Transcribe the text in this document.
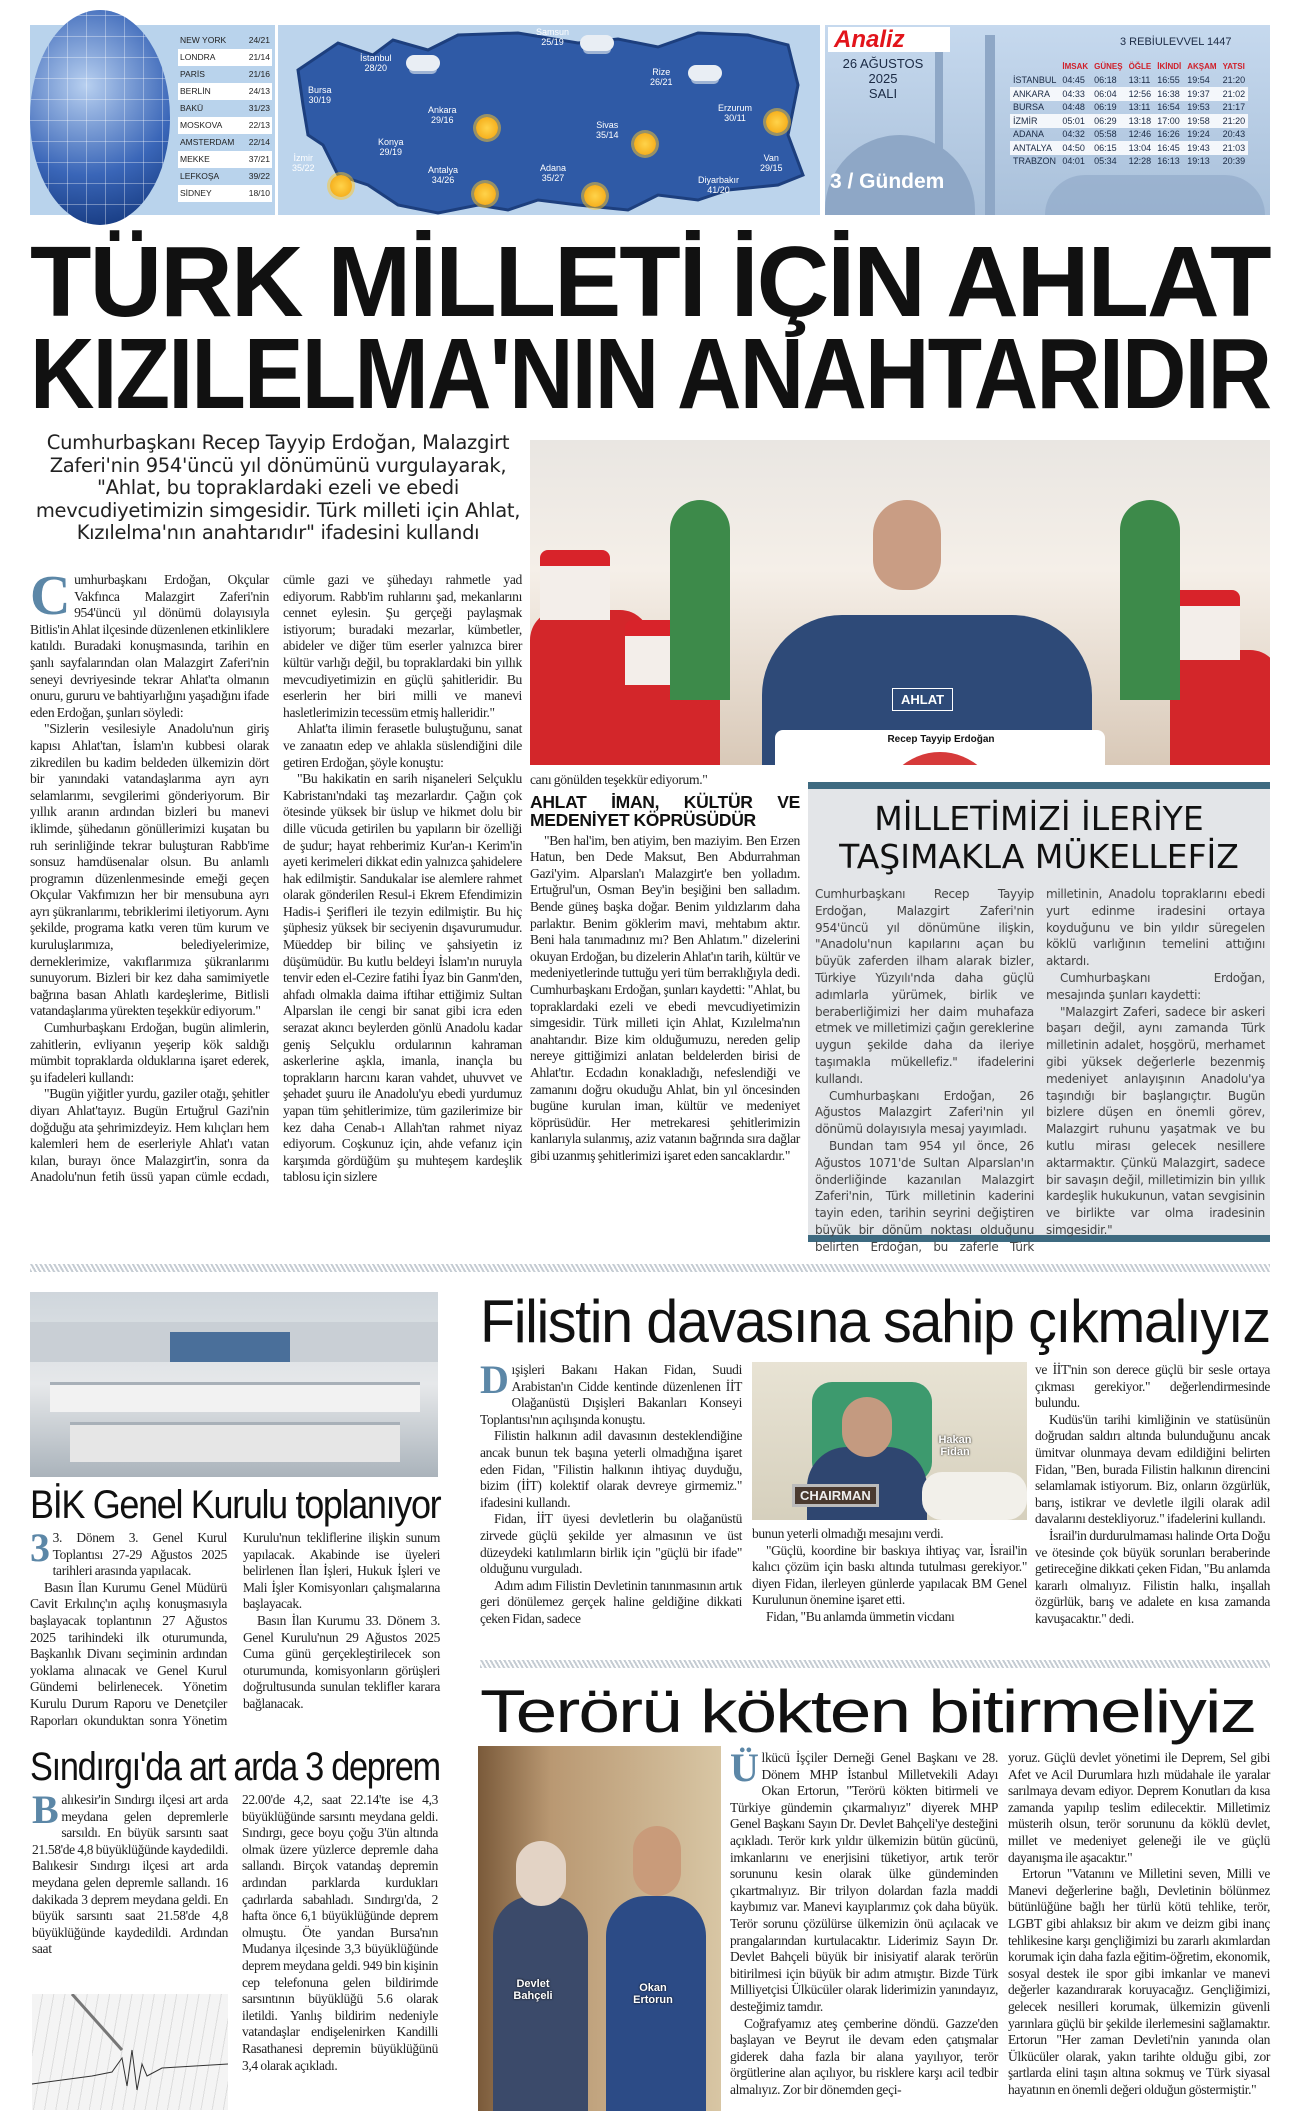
NEW YORK	24/21
LONDRA	21/14
PARİS	21/16
BERLİN	24/13
BAKÜ	31/23
MOSKOVA	22/13
AMSTERDAM 22/14
MEKKE	37/21
LEFKOŞA	39/22
SİDNEY	18/10
Samsun
25/19
İstanbul
28/20
Bursa
30/19
Rize
26/21
Ankara
29/16
Konya
29/19
Sivas
35/14
Erzurum
30/11
İzmir
35/22	Antalya
34/26
Adana
35/27
Van
29/15
Diyarbakır
41/20
Analiz
26 AĞUSTOS 2025
SALI
3 / Gündem
3 REBİULEVVEL 1447
	İMSAK	GÜNEŞ	ÖĞLE	İKİNDİ	AKŞAM	YATSI
İSTANBUL	04:45	06:18	13:11	16:55	19:54	21:20
ANKARA	04:33	06:04	12:56	16:38	19:37	21:02
BURSA	04:48	06:19	13:11	16:54	19:53	21:17
İZMİR	05:01	06:29	13:18	17:00	19:58	21:20
ADANA	04:32	05:58	12:46	16:26	19:24	20:43
ANTALYA	04:50	06:15	13:04	16:45	19:43	21:03
TRABZON	04:01	05:34	12:28	16:13	19:13	20:39
TÜRK MİLLETİ İÇİN AHLAT
KIZILELMA'NIN ANAHTARIDIR
Cumhurbaşkanı Recep Tayyip Erdoğan, Malazgirt Zaferi'nin 954'üncü yıl dönümünü vurgulayarak, "Ahlat, bu topraklardaki ezeli ve ebedi mevcudiyetimizin simgesidir. Türk milleti için Ahlat, Kızılelma'nın anahtarıdır" ifadesini kullandı
AHLAT
Recep Tayyip Erdoğan

Cumhurbaşkanı Erdoğan, Okçular Vakfınca Malazgirt Zaferi'nin 954'üncü yıl dönümü dolayısıyla Bitlis'in Ahlat ilçesinde düzenlenen etkinliklere katıldı. Buradaki konuşmasında, tarihin en şanlı sayfalarından olan Malazgirt Zaferi'nin seneyi devriyesinde tekrar Ahlat'ta olmanın onuru, gururu ve bahtiyarlığını yaşadığını ifade eden Erdoğan, şunları söyledi:

"Sizlerin vesilesiyle Anadolu'nun giriş kapısı Ahlat'tan, İslam'ın kubbesi olarak zikredilen bu kadim beldeden ülkemizin dört bir yanındaki vatandaşlarıma ayrı ayrı selamlarımı, sevgilerimi gönderiyorum. Bir yıllık aranın ardından bizleri bu manevi iklimde, şühedanın gönüllerimizi kuşatan bu ruh serinliğinde tekrar buluşturan Rabb'ime sonsuz hamdüsenalar olsun. Bu anlamlı programın düzenlenmesinde emeği geçen Okçular Vakfımızın her bir mensubuna ayrı ayrı şükranlarımı, tebriklerimi iletiyorum. Aynı şekilde, programa katkı veren tüm kurum ve kuruluşlarımıza, belediyelerimize, derneklerimize, vakıflarımıza şükranlarımı sunuyorum. Bizleri bir kez daha samimiyetle bağrına basan Ahlatlı kardeşlerime, Bitlisli vatandaşlarıma yürekten teşekkür ediyorum."

Cumhurbaşkanı Erdoğan, bugün alimlerin, zahitlerin, evliyanın yeşerip kök saldığı mümbit topraklarda olduklarına işaret ederek, şu ifadeleri kullandı:

"Bugün yiğitler yurdu, gaziler otağı, şehitler diyarı Ahlat'tayız. Bugün Ertuğrul Gazi'nin doğduğu ata şehrimizdeyiz. Hem kılıçları hem kalemleri hem de eserleriyle Ahlat'ı vatan kılan, burayı önce Malazgirt'in, sonra da Anadolu'nun fetih üssü yapan cümle ecdadı, cümle gazi ve şühedayı rahmetle yad ediyorum. Rabb'im ruhlarını şad, mekanlarını cennet eylesin. Şu gerçeği paylaşmak istiyorum; buradaki mezarlar, kümbetler, abideler ve diğer tüm eserler yalnızca birer kültür varlığı değil, bu topraklardaki bin yıllık mevcudiyetimizin en güçlü şahitleridir. Bu eserlerin her biri milli ve manevi hasletlerimizin tecessüm etmiş halleridir."

Ahlat'ta ilimin ferasetle buluştuğunu, sanat ve zanaatın edep ve ahlakla süslendiğini dile getiren Erdoğan, şöyle konuştu:

"Bu hakikatin en sarih nişaneleri Selçuklu Kabristanı'ndaki taş mezarlardır. Çağın çok ötesinde yüksek bir üslup ve hikmet dolu bir dille vücuda getirilen bu yapıların bir özelliği de şudur; hayat rehberimiz Kur'an-ı Kerim'in ayeti kerimeleri dikkat edin yalnızca şahidelere hak edilmiştir. Sandukalar ise alemlere rahmet olarak gönderilen Resul-i Ekrem Efendimizin Hadis-i Şerifleri ile tezyin edilmiştir. Bu hiç şüphesiz yüksek bir seciyenin dışavurumudur. Müeddep bir bilinç ve şahsiyetin iz düşümüdür. Bu kutlu beldeyi İslam'ın nuruyla tenvir eden el-Cezire fatihi İyaz bin Ganm'den, ahfadı olmakla daima iftihar ettiğimiz Sultan Alparslan ile cengi bir sanat gibi icra eden serazat akıncı beylerden gönlü Anadolu kadar geniş Selçuklu ordularının kahraman askerlerine aşkla, imanla, inançla bu toprakların harcını karan vahdet, uhuvvet ve şehadet şuuru ile Anadolu'yu ebedi yurdumuz yapan tüm şehitlerimize, tüm gazilerimize bir kez daha Cenab-ı Allah'tan rahmet niyaz ediyorum. Coşkunuz için, ahde vefanız için karşımda gördüğüm şu muhteşem kardeşlik tablosu için sizlere

canı gönülden teşekkür ediyorum."
AHLAT İMAN, KÜLTÜR VE MEDENİYET KÖPRÜSÜDÜR

"Ben hal'im, ben atiyim, ben maziyim. Ben Erzen Hatun, ben Dede Maksut, Ben Abdurrahman Gazi'yim. Alparslan'ı Malazgirt'e ben yolladım. Ertuğrul'un, Osman Bey'in beşiğini ben salladım. Bende güneş başka doğar. Benim yıldızlarım daha parlaktır. Benim göklerim mavi, mehtabım aktır. Beni hala tanımadınız mı? Ben Ahlatım." dizelerini okuyan Erdoğan, bu dizelerin Ahlat'ın tarih, kültür ve medeniyetlerinde tuttuğu yeri tüm berraklığıyla dedi. Cumhurbaşkanı Erdoğan, şunları kaydetti: "Ahlat, bu topraklardaki ezeli ve ebedi mevcudiyetimizin simgesidir. Türk milleti için Ahlat, Kızılelma'nın anahtarıdır. Bize kim olduğumuzu, nereden gelip nereye gittiğimizi anlatan beldelerden birisi de Ahlat'tır. Ecdadın konakladığı, nefeslendiği ve zamanını doğru okuduğu Ahlat, bin yıl öncesinden bugüne kurulan iman, kültür ve medeniyet köprüsüdür. Her metrekaresi şehitlerimizin kanlarıyla sulanmış, aziz vatanın bağrında sıra dağlar gibi uzanmış şehitlerimizi işaret eden sancaklardır."

MİLLETİMİZİ İLERİYE
TAŞIMAKLA MÜKELLEFİZ

Cumhurbaşkanı Recep Tayyip Erdoğan, Malazgirt Zaferi'nin 954'üncü yıl dönümüne ilişkin, "Anadolu'nun kapılarını açan bu büyük zaferden ilham alarak bizler, Türkiye Yüzyılı'nda daha güçlü adımlarla yürümek, birlik ve beraberliğimizi her daim muhafaza etmek ve milletimizi çağın gereklerine uygun şekilde daha da ileriye taşımakla mükellefiz." ifadelerini kullandı.

Cumhurbaşkanı Erdoğan, 26 Ağustos Malazgirt Zaferi'nin yıl dönümü dolayısıyla mesaj yayımladı.

Bundan tam 954 yıl önce, 26 Ağustos 1071'de Sultan Alparslan'ın önderliğinde kazanılan Malazgirt Zaferi'nin, Türk milletinin kaderini tayin eden, tarihin seyrini değiştiren büyük bir dönüm noktası olduğunu belirten Erdoğan, bu zaferle Türk milletinin, Anadolu topraklarını ebedi yurt edinme iradesini ortaya koyduğunu ve bin yıldır süregelen köklü varlığının temelini attığını aktardı.

Cumhurbaşkanı Erdoğan, mesajında şunları kaydetti:

"Malazgirt Zaferi, sadece bir askeri başarı değil, aynı zamanda Türk milletinin adalet, hoşgörü, merhamet gibi yüksek değerlerle bezenmiş medeniyet anlayışının Anadolu'ya taşındığı bir başlangıçtır. Bugün bizlere düşen en önemli görev, Malazgirt ruhunu yaşatmak ve bu kutlu mirası gelecek nesillere aktarmaktır. Çünkü Malazgirt, sadece bir savaşın değil, milletimizin bin yıllık kardeşlik hukukunun, vatan sevgisinin ve birlikte var olma iradesinin simgesidir."

BİK Genel Kurulu toplanıyor

3 3. Dönem 3. Genel Kurul Toplantısı 27-29 Ağustos 2025 tarihleri arasında yapılacak.

Basın İlan Kurumu Genel Müdürü Cavit Erkılınç'ın açılış konuşmasıyla başlayacak toplantının 27 Ağustos 2025 tarihindeki ilk oturumunda, Başkanlık Divanı seçiminin ardından yoklama alınacak ve Genel Kurul Gündemi belirlenecek. Yönetim Kurulu Durum Raporu ve Denetçiler Raporları okunduktan sonra Yönetim Kurulu'nun tekliflerine ilişkin sunum yapılacak. Akabinde ise üyeleri belirlenen İlan İşleri, Hukuk İşleri ve Mali İşler Komisyonları çalışmalarına başlayacak.

Basın İlan Kurumu 33. Dönem 3. Genel Kurulu'nun 29 Ağustos 2025 Cuma günü gerçekleştirilecek son oturumunda, komisyonların görüşleri doğrultusunda sunulan teklifler karara bağlanacak.

Sındırgı'da art arda 3 deprem

Balıkesir'in Sındırgı ilçesi art arda meydana gelen depremlerle sarsıldı. En büyük sarsıntı saat 21.58'de 4,8 büyüklüğünde kaydedildi. Balıkesir Sındırgı ilçesi art arda meydana gelen depremle sallandı. 16 dakikada 3 deprem meydana geldi. En büyük sarsıntı saat 21.58'de 4,8 büyüklüğünde kaydedildi. Ardından saat

22.00'de 4,2, saat 22.14'te ise 4,3 büyüklüğünde sarsıntı meydana geldi. Sındırgı, gece boyu çoğu 3'ün altında olmak üzere yüzlerce depremle daha sallandı. Birçok vatandaş depremin ardından parklarda kurdukları çadırlarda sabahladı. Sındırgı'da, 2 hafta önce 6,1 büyüklüğünde deprem olmuştu. Öte yandan Bursa'nın Mudanya ilçesinde 3,3 büyüklüğünde deprem meydana geldi. 949 bin kişinin cep telefonuna gelen bildirimde sarsıntının büyüklüğü 5.6 olarak iletildi. Yanlış bildirim nedeniyle vatandaşlar endişelenirken Kandilli Rasathanesi depremin büyüklüğünü 3,4 olarak açıkladı.

Filistin davasına sahip çıkmalıyız

Dışişleri Bakanı Hakan Fidan, Suudi Arabistan'ın Cidde kentinde düzenlenen İİT Olağanüstü Dışişleri Bakanları Konseyi Toplantısı'nın açılışında konuştu.

Filistin halkının adil davasının desteklendiğine ancak bunun tek başına yeterli olmadığına işaret eden Fidan, "Filistin halkının ihtiyaç duyduğu, bizim (İİT) kolektif olarak devreye girmemiz." ifadesini kullandı.

Fidan, İİT üyesi devletlerin bu olağanüstü zirvede güçlü şekilde yer almasının ve üst düzeydeki katılımların birlik için "güçlü bir ifade" olduğunu vurguladı.

Adım adım Filistin Devletinin tanınmasının artık geri dönülemez gerçek haline geldiğine dikkati çeken Fidan, sadece

CHAIRMAN
Hakan Fidan

bunun yeterli olmadığı mesajını verdi.

"Güçlü, koordine bir baskıya ihtiyaç var, İsrail'in kalıcı çözüm için baskı altında tutulması gerekiyor." diyen Fidan, ilerleyen günlerde yapılacak BM Genel Kurulunun önemine işaret etti.

Fidan, "Bu anlamda ümmetin vicdanı

ve İİT'nin son derece güçlü bir sesle ortaya çıkması gerekiyor." değerlendirmesinde bulundu.

Kudüs'ün tarihi kimliğinin ve statüsünün doğrudan saldırı altında bulunduğunu ancak ümitvar olunmaya devam edildiğini belirten Fidan, "Ben, burada Filistin halkının direncini selamlamak istiyorum. Biz, onların özgürlük, barış, istikrar ve devletle ilgili olarak adil davalarını destekliyoruz." ifadelerini kullandı.

İsrail'in durdurulmaması halinde Orta Doğu ve ötesinde çok büyük sorunları beraberinde getireceğine dikkati çeken Fidan, "Bu anlamda kararlı olmalıyız. Filistin halkı, inşallah özgürlük, barış ve adalete en kısa zamanda kavuşacaktır." dedi.

Terörü kökten bitirmeliyiz
Devlet Bahçeli
Okan Ertorun

Ülkücü İşçiler Derneği Genel Başkanı ve 28. Dönem MHP İstanbul Milletvekili Adayı Okan Ertorun, "Terörü kökten bitirmeli ve Türkiye gündemin çıkarmalıyız" diyerek MHP Genel Başkanı Sayın Dr. Devlet Bahçeli'ye desteğini açıkladı. Terör kırk yıldır ülkemizin bütün gücünü, imkanlarını ve enerjisini tüketiyor, artık terör sorununu kesin olarak ülke gündeminden çıkartmalıyız. Bir trilyon dolardan fazla maddi kaybımız var. Manevi kayıplarımız çok daha büyük. Terör sorunu çözülürse ülkemizin önü açılacak ve prangalarından kurtulacaktır. Liderimiz Sayın Dr. Devlet Bahçeli büyük bir inisiyatif alarak terörün bitirilmesi için büyük bir adım atmıştır. Bizde Türk Milliyetçisi Ülkücüler olarak liderimizin yanındayız, desteğimiz tamdır.

Coğrafyamız ateş çemberine döndü. Gazze'den başlayan ve Beyrut ile devam eden çatışmalar giderek daha fazla bir alana yayılıyor, terör örgütlerine alan açılıyor, bu risklere karşı acil tedbir almalıyız. Zor bir dönemden geçi-

yoruz. Güçlü devlet yönetimi ile Deprem, Sel gibi Afet ve Acil Durumlara hızlı müdahale ile yaralar sarılmaya devam ediyor. Deprem Konutları da kısa zamanda yapılıp teslim edilecektir. Milletimiz müsterih olsun, terör sorununu da köklü devlet, millet ve medeniyet geleneği ile ve güçlü dayanışma ile aşacaktır."

Ertorun "Vatanını ve Milletini seven, Milli ve Manevi değerlerine bağlı, Devletinin bölünmez bütünlüğüne bağlı her türlü kötü tehlike, terör, LGBT gibi ahlaksız bir akım ve deizm gibi inanç tehlikesine karşı gençliğimizi bu zararlı akımlardan korumak için daha fazla eğitim-öğretim, ekonomik, sosyal destek ile spor gibi imkanlar ve manevi değerler kazandırarak koruyacağız. Gençliğimizi, gelecek nesilleri korumak, ülkemizin güvenli yarınlara güçlü bir şekilde ilerlemesini sağlamaktır. Ertorun "Her zaman Devleti'nin yanında olan Ülkücüler olarak, yakın tarihte olduğu gibi, zor şartlarda elini taşın altına sokmuş ve Türk siyasal hayatının en önemli değeri olduğun göstermiştir."
